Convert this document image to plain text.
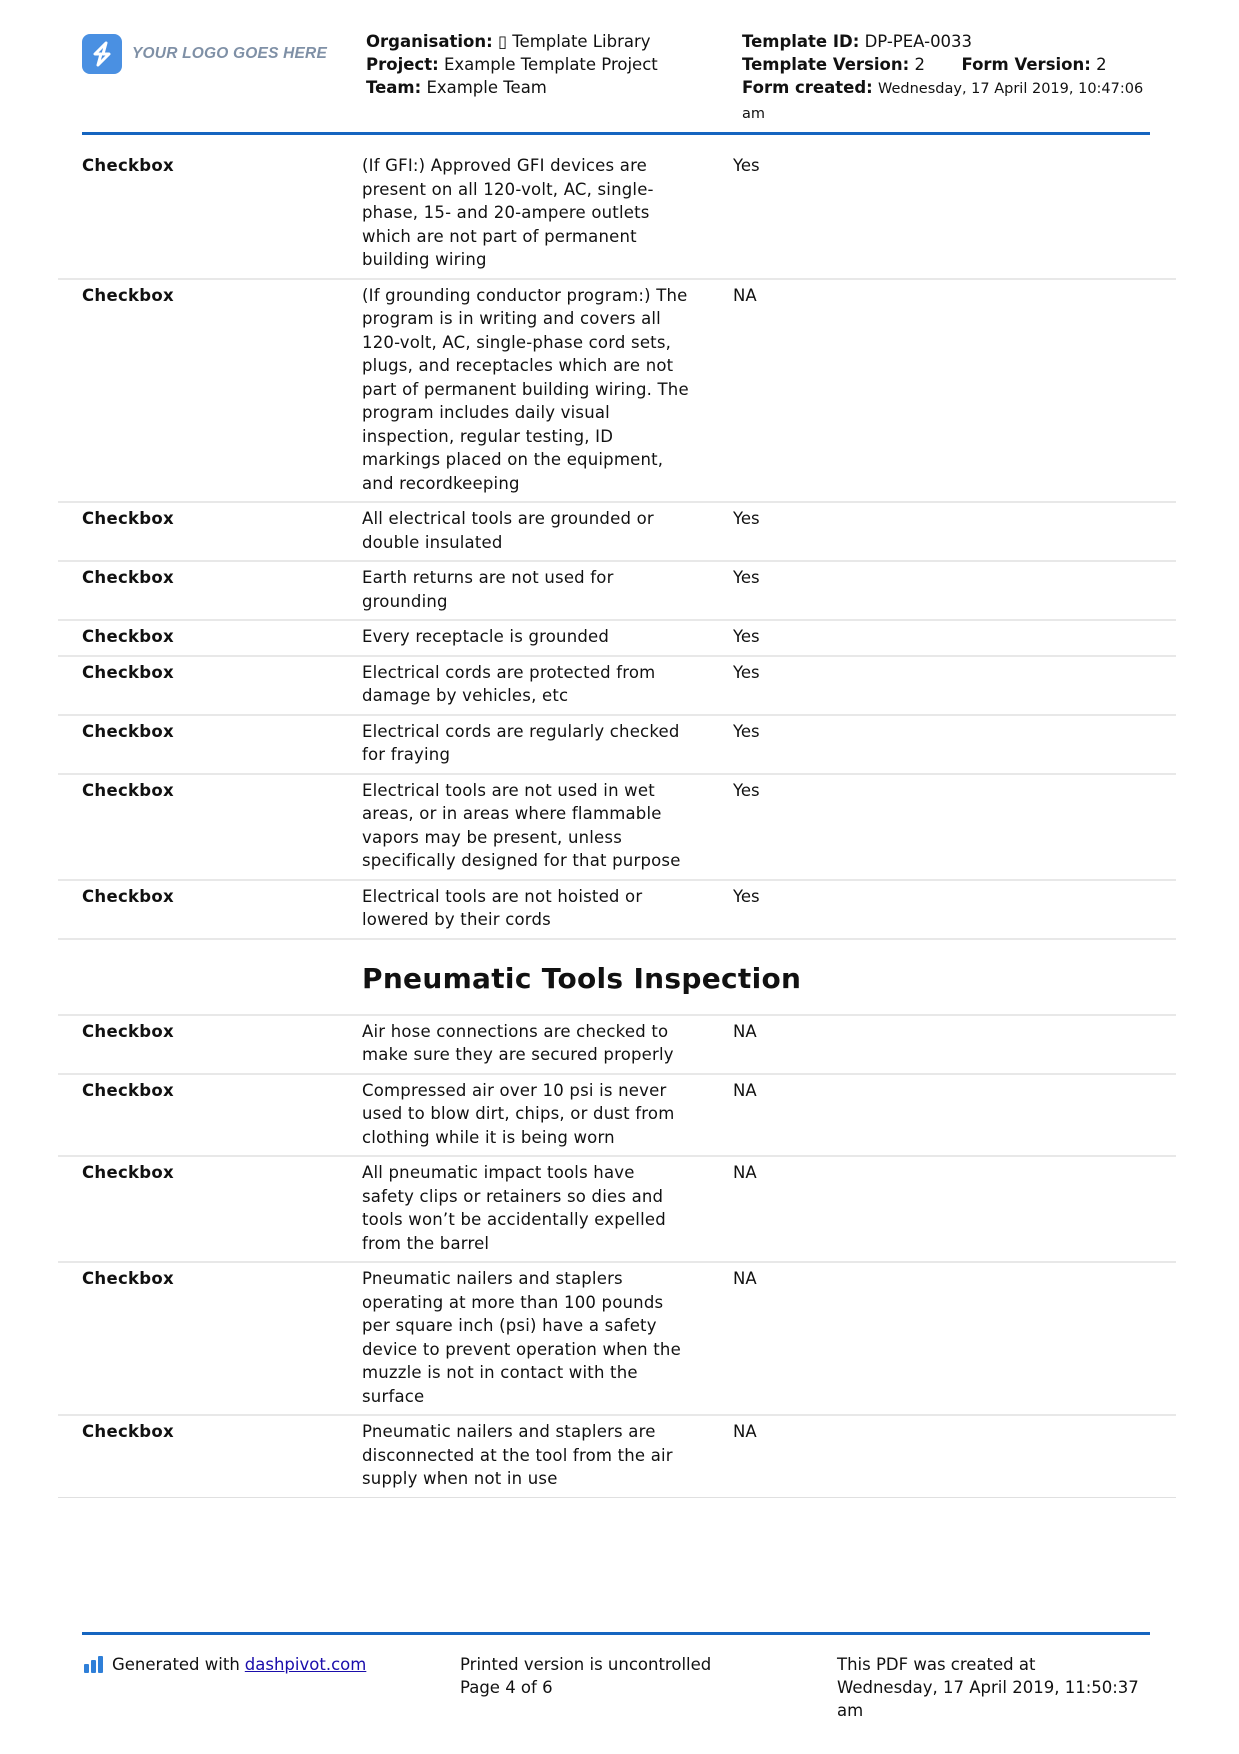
YOUR LOGO GOES HERE
Organisation: ▯ Template Library
Project: Example Template Project
Team: Example Team
Template ID: DP-PEA-0033
Template Version: 2 Form Version: 2
Form created: Wednesday, 17 April 2019, 10:47:06 am
Checkbox	(If GFI:) Approved GFI devices are present on all 120-volt, AC, single-phase, 15- and 20-ampere outlets which are not part of permanent building wiring
Yes
Checkbox	(If grounding conductor program:) The program is in writing and covers all 120-volt, AC, single-phase cord sets, plugs, and receptacles which are not part of permanent building wiring. The program includes daily visual inspection, regular testing, ID markings placed on the equipment, and recordkeeping
NA
Checkbox	All electrical tools are grounded or double insulated
Yes
Checkbox	Earth returns are not used for grounding
Yes
Checkbox	Every receptacle is grounded	Yes
Checkbox	Electrical cords are protected from damage by vehicles, etc
Yes
Checkbox	Electrical cords are regularly checked for fraying
Yes
Checkbox	Electrical tools are not used in wet areas, or in areas where flammable vapors may be present, unless specifically designed for that purpose
Yes
Checkbox	Electrical tools are not hoisted or lowered by their cords
Yes
Pneumatic Tools Inspection
Checkbox	Air hose connections are checked to make sure they are secured properly
NA
Checkbox	Compressed air over 10 psi is never used to blow dirt, chips, or dust from clothing while it is being worn
NA
Checkbox	All pneumatic impact tools have safety clips or retainers so dies and tools won’t be accidentally expelled from the barrel
NA
Checkbox	Pneumatic nailers and staplers operating at more than 100 pounds per square inch (psi) have a safety device to prevent operation when the muzzle is not in contact with the surface
NA
Checkbox	Pneumatic nailers and staplers are disconnected at the tool from the air supply when not in use
NA
Generated with dashpivot.com	Printed version is uncontrolled
Page 4 of 6
This PDF was created at
Wednesday, 17 April 2019, 11:50:37 am
